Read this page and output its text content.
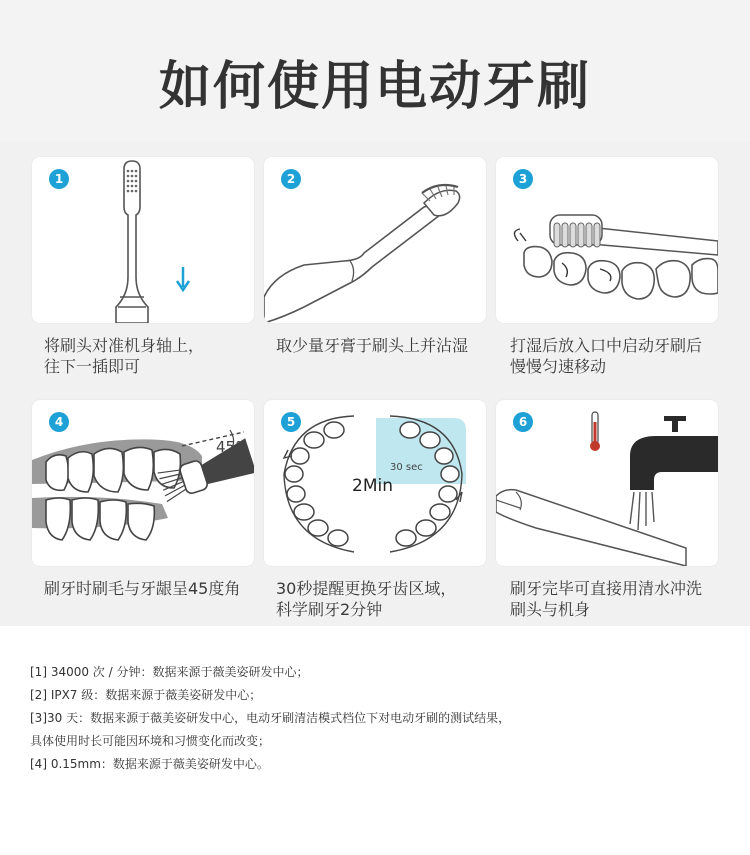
如何使用电动牙刷
1	2	3
4
45°
5
30 sec
2Min
6
将刷头对准机身轴上，
往下一插即可
取少量牙膏于刷头上并沾湿	打湿后放入口中启动牙刷后
慢慢匀速移动
刷牙时刷毛与牙龈呈45度角	30秒提醒更换牙齿区域，
科学刷牙2分钟
刷牙完毕可直接用清水冲洗
刷头与机身
[1] 34000 次 / 分钟：数据来源于薇美姿研发中心；
[2] IPX7 级：数据来源于薇美姿研发中心；
[3]30 天：数据来源于薇美姿研发中心，电动牙刷清洁模式档位下对电动牙刷的测试结果，
具体使用时长可能因环境和习惯变化而改变；
[4] 0.15mm：数据来源于薇美姿研发中心。
